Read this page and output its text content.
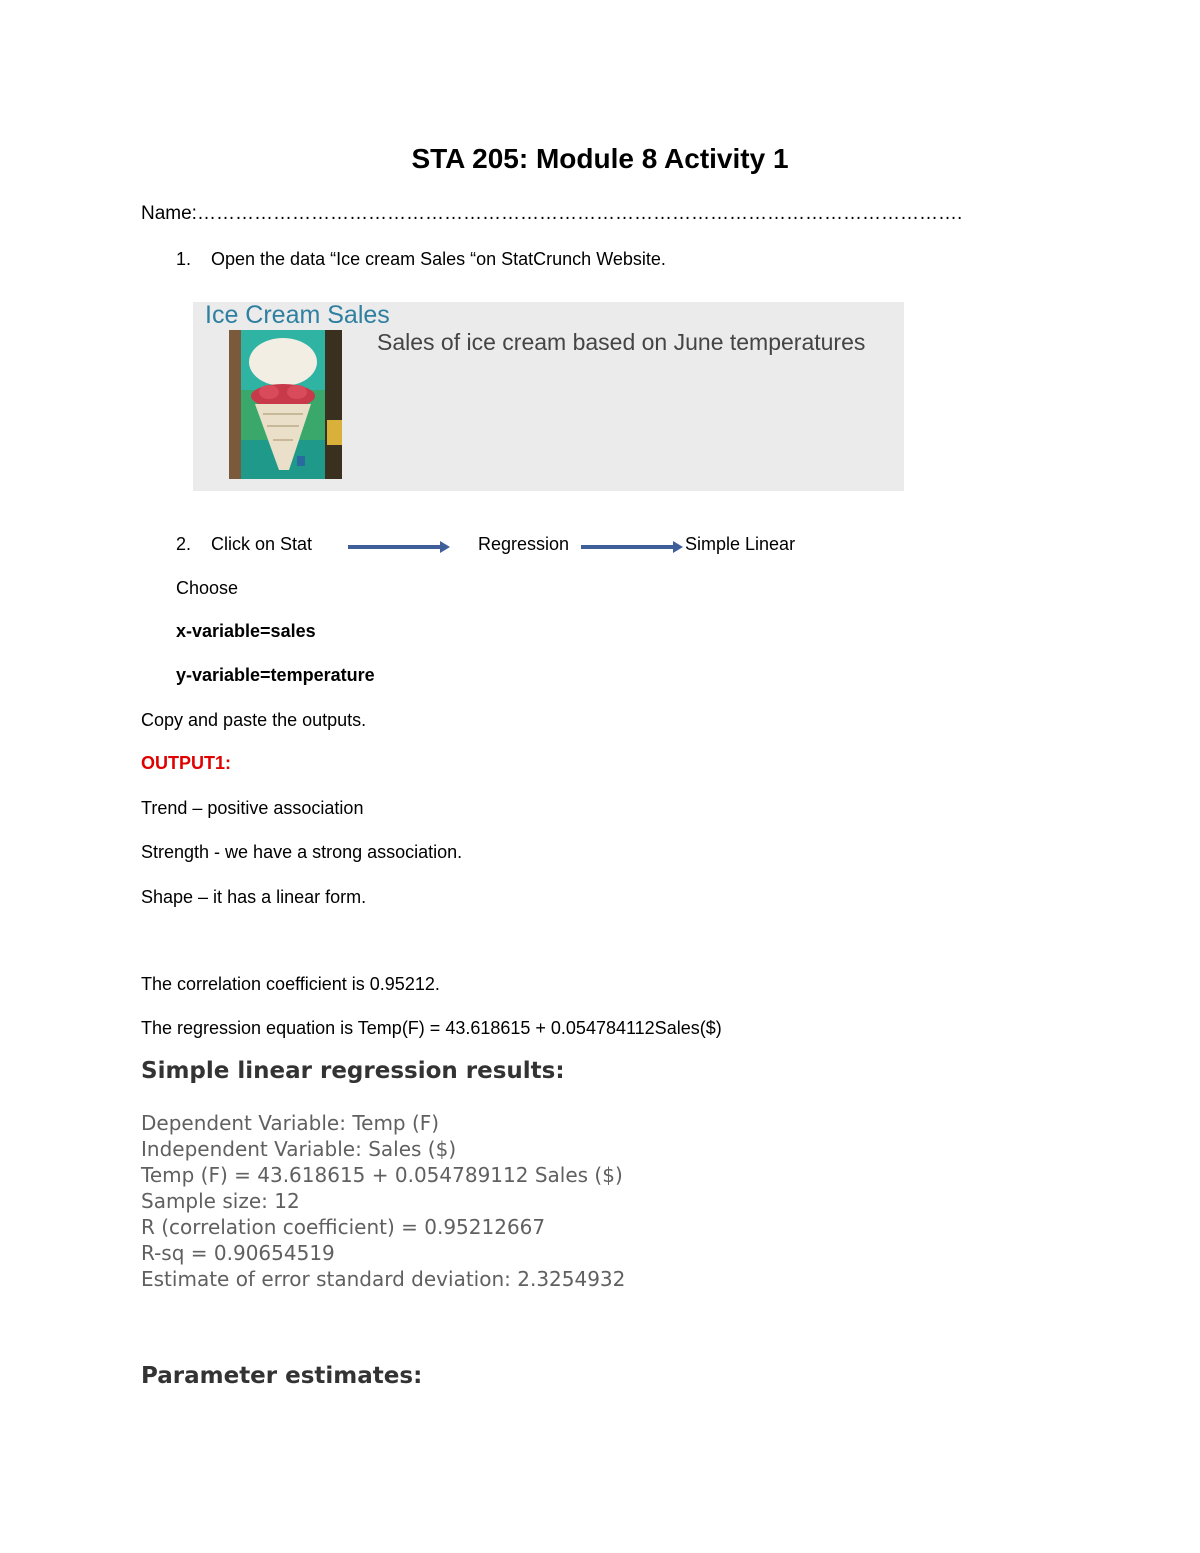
STA 205: Module 8 Activity 1
Name:………………………………………………………………………………………………………….
1. Open the data “Ice cream Sales “on StatCrunch Website.
Ice Cream Sales
Sales of ice cream based on June temperatures
2. Click on Stat	Regression	Simple Linear
Choose
x-variable=sales
y-variable=temperature
Copy and paste the outputs.
OUTPUT1:
Trend – positive association
Strength - we have a strong association.
Shape – it has a linear form.
The correlation coefficient is 0.95212.
The regression equation is Temp(F) = 43.618615 + 0.054784112Sales($)
Simple linear regression results:
Dependent Variable: Temp (F)
Independent Variable: Sales ($)
Temp (F) = 43.618615 + 0.054789112 Sales ($)
Sample size: 12
R (correlation coefficient) = 0.95212667
R-sq = 0.90654519
Estimate of error standard deviation: 2.3254932
Parameter estimates:
